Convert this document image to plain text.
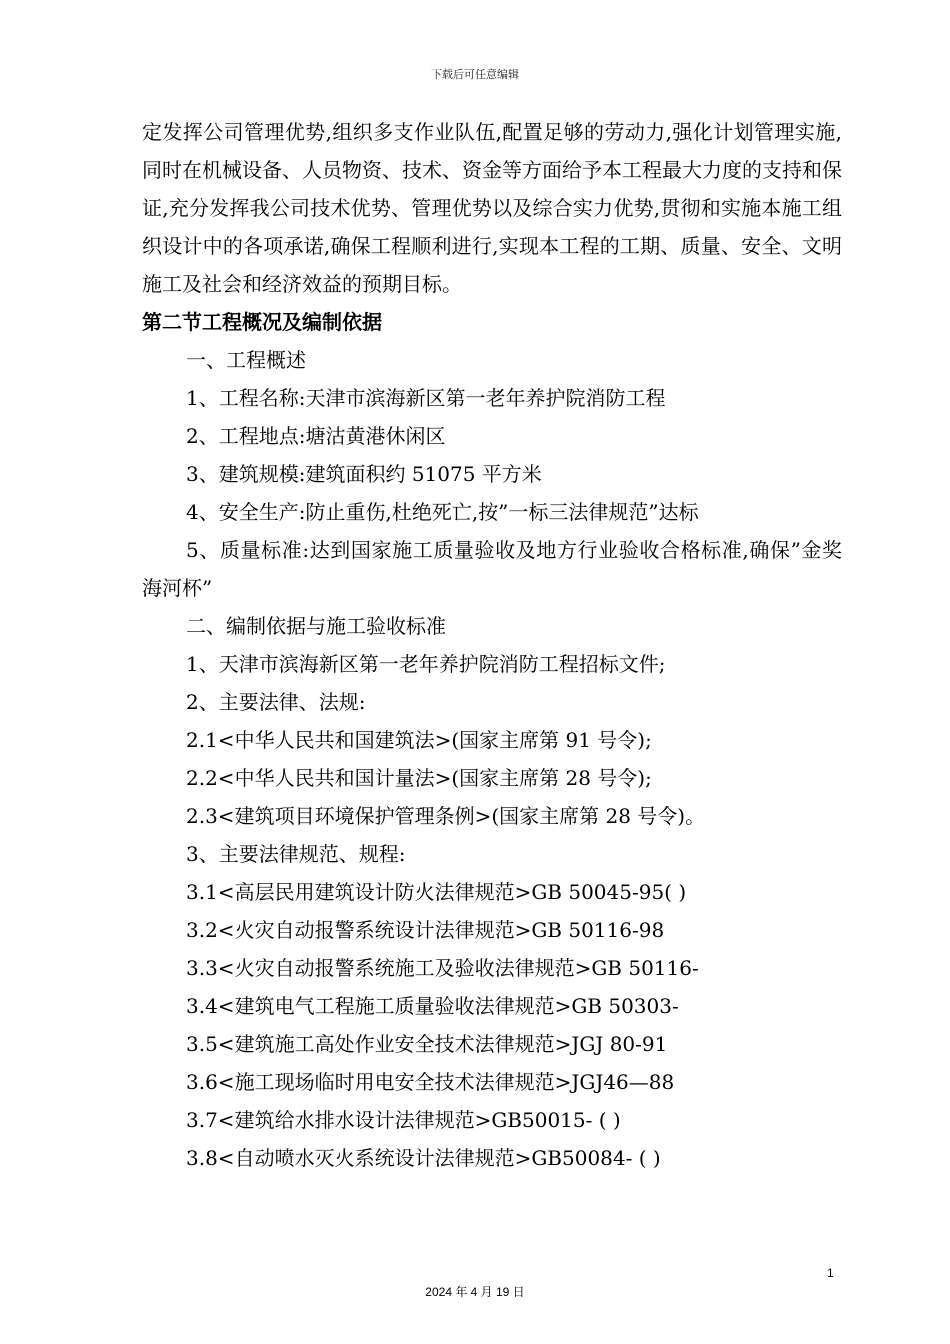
下载后可任意编辑

定发挥公司管理优势,组织多支作业队伍,配置足够的劳动力,强化计划管理实施,同时在机械设备、人员物资、技术、资金等方面给予本工程最大力度的支持和保证,充分发挥我公司技术优势、管理优势以及综合实力优势,贯彻和实施本施工组织设计中的各项承诺,确保工程顺利进行,实现本工程的工期、质量、安全、文明施工及社会和经济效益的预期目标。

第二节工程概况及编制依据
一、工程概述
1、工程名称:天津市滨海新区第一老年养护院消防工程
2、工程地点:塘沽黄港休闲区
3、建筑规模:建筑面积约 51075 平方米
4、安全生产:防止重伤,杜绝死亡,按”一标三法律规范”达标

5、质量标准:达到国家施工质量验收及地方行业验收合格标准,确保”金奖海河杯”

二、编制依据与施工验收标准
1、天津市滨海新区第一老年养护院消防工程招标文件;
2、主要法律、法规:
2.1<中华人民共和国建筑法>(国家主席第 91 号令);
2.2<中华人民共和国计量法>(国家主席第 28 号令);
2.3<建筑项目环境保护管理条例>(国家主席第 28 号令)。
3、主要法律规范、规程:
3.1<高层民用建筑设计防火法律规范>GB 50045-95( )
3.2<火灾自动报警系统设计法律规范>GB 50116-98
3.3<火灾自动报警系统施工及验收法律规范>GB 50116-
3.4<建筑电气工程施工质量验收法律规范>GB 50303-
3.5<建筑施工高处作业安全技术法律规范>JGJ 80-91
3.6<施工现场临时用电安全技术法律规范>JGJ46—88
3.7<建筑给水排水设计法律规范>GB50015- ( )
3.8<自动喷水灭火系统设计法律规范>GB50084- ( )
1
2024 年 4 月 19 日
